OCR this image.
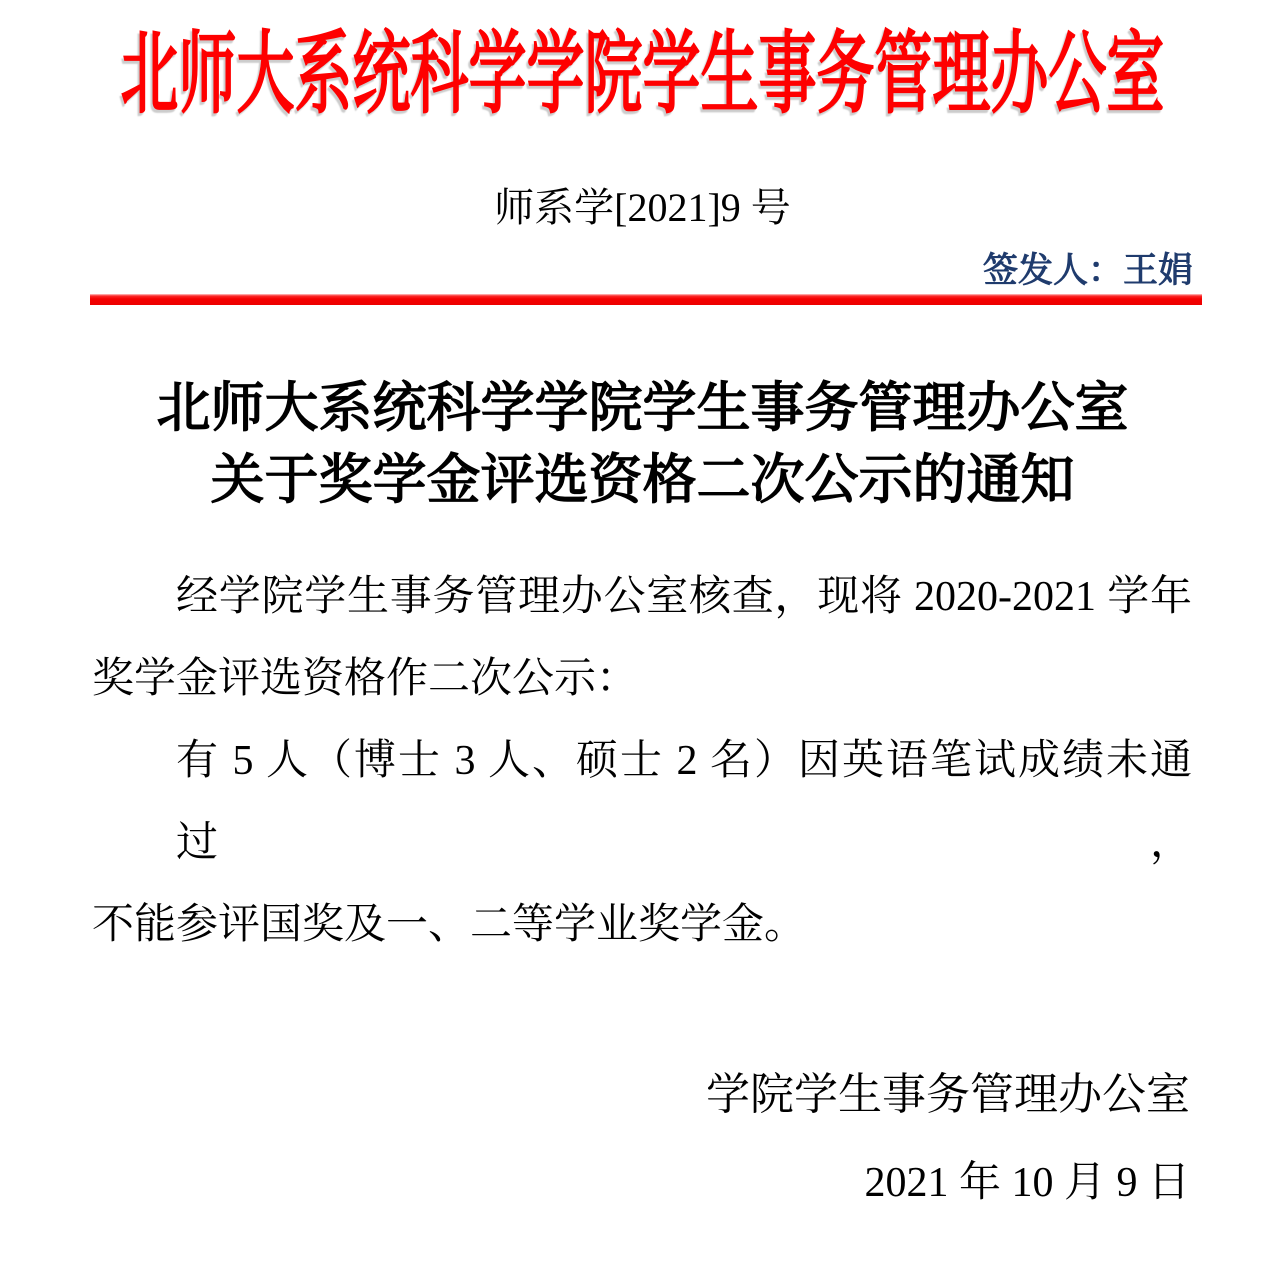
北师大系统科学学院学生事务管理办公室
师系学[2021]9 号
签发人：王娟
北师大系统科学学院学生事务管理办公室
关于奖学金评选资格二次公示的通知
经学院学生事务管理办公室核查，现将 2020-2021 学年
奖学金评选资格作二次公示：
有 5 人（博士 3 人、硕士 2 名）因英语笔试成绩未通过，
不能参评国奖及一、二等学业奖学金。
学院学生事务管理办公室
2021 年 10 月 9 日
